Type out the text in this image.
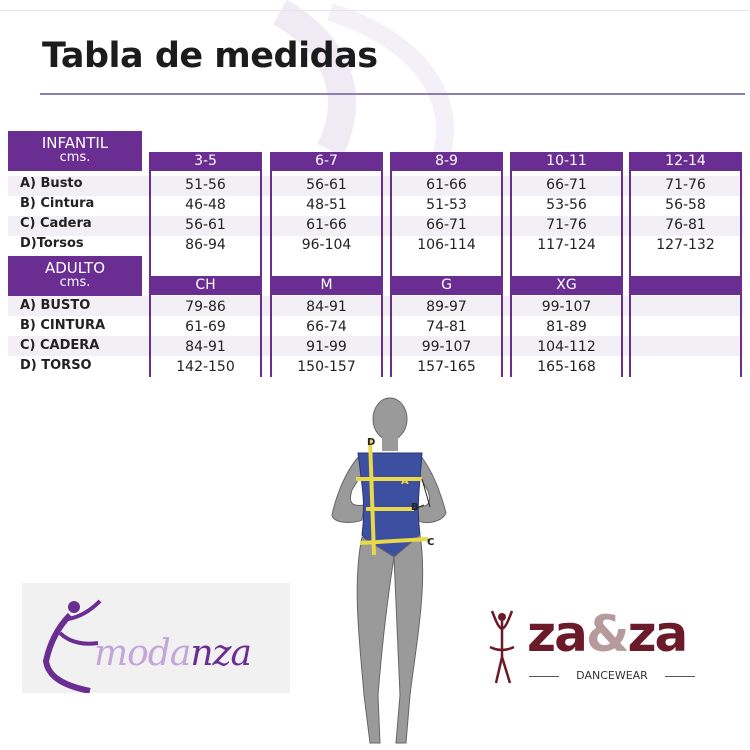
Tabla de medidas
INFANTIL
cms.
ADULTO
cms.
A) Busto
B) Cintura
C) Cadera
D)Torsos
A) BUSTO
B) CINTURA
C) CADERA
D) TORSO
3-5
51-56
46-48
56-61
86-94
6-7
56-61
48-51
61-66
96-104
8-9
61-66
51-53
66-71
106-114
10-11
66-71
53-56
71-76
117-124
12-14
71-76
56-58
76-81
127-132
CH
79-86
61-69
84-91
142-150
M
84-91
66-74
91-99
150-157
G
89-97
74-81
99-107
157-165
XG
99-107
81-89
104-112
165-168
D
A
B
C
modanza	za&za
DANCEWEAR
